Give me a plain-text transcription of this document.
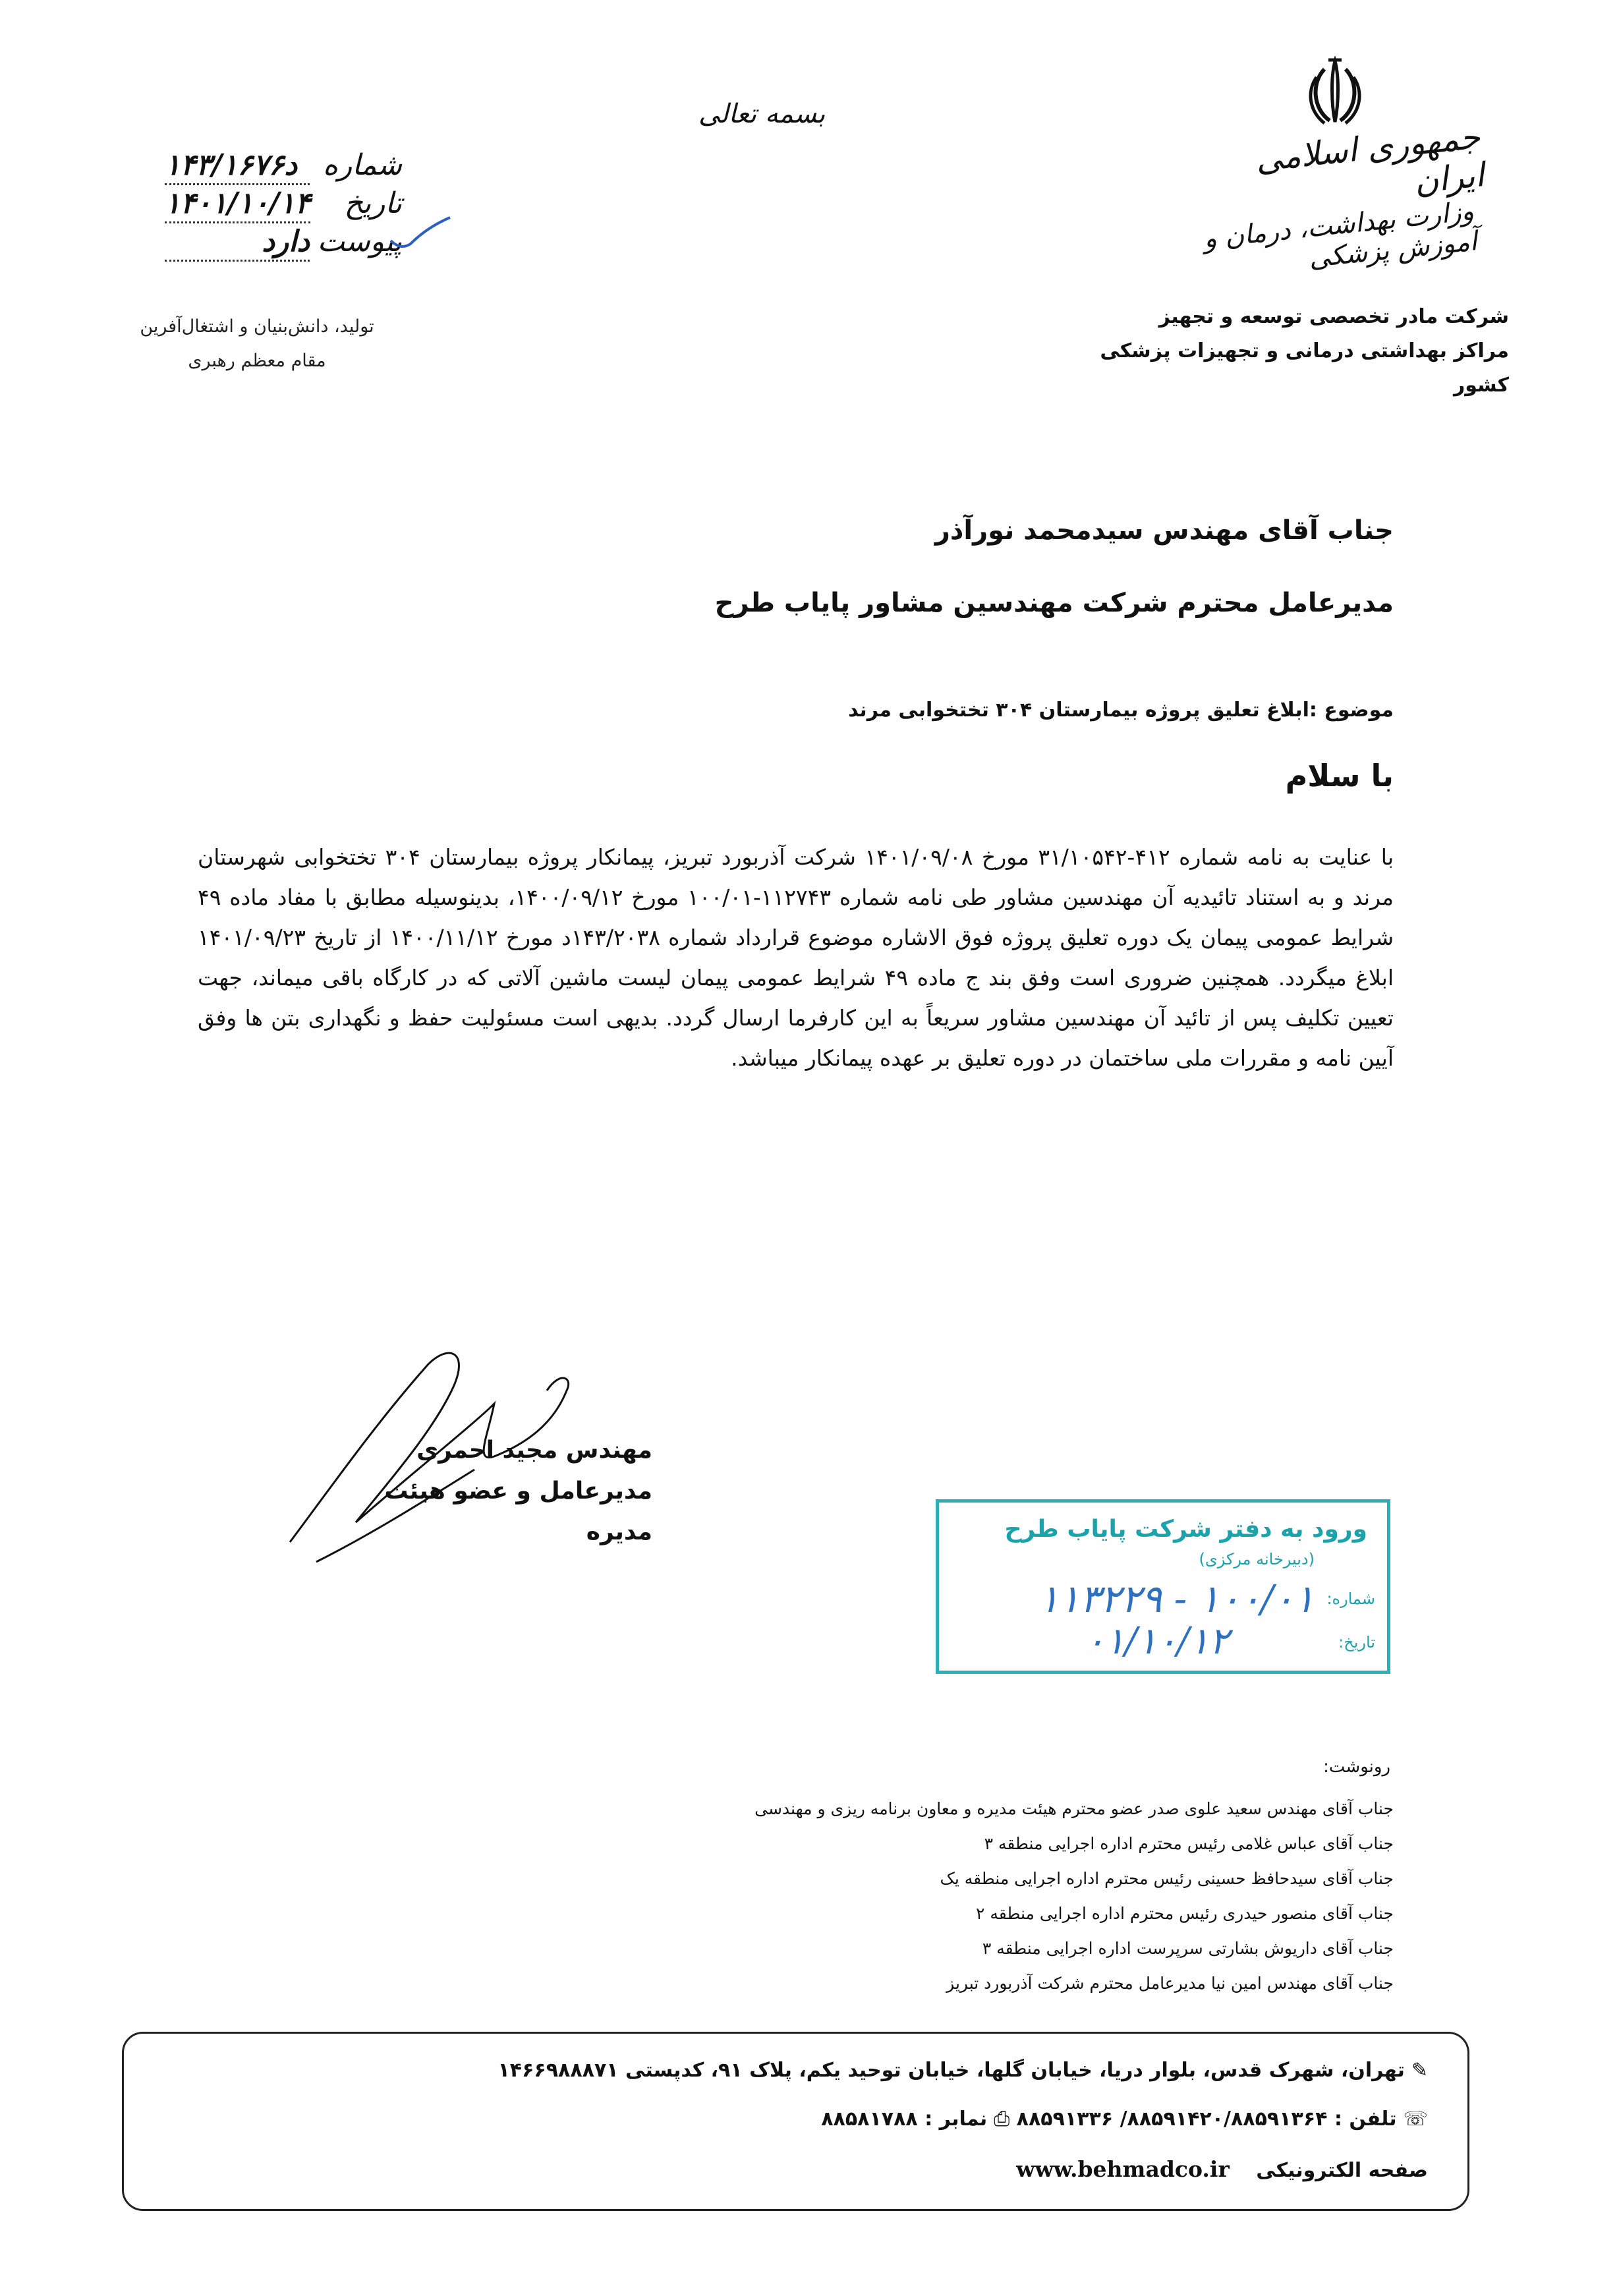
شماره
۱۴۳/۱۶۷۶د
تاریخ
۱۴۰۱/۱۰/۱۴
پیوست
دارد
تولید، دانش‌بنیان و اشتغال‌آفرین
مقام معظم رهبری
بسمه تعالی
جمهوری اسلامی ایران
وزارت بهداشت، درمان و آموزش پزشکی
شرکت مادر تخصصی توسعه و تجهیز
مراکز بهداشتی درمانی و تجهیزات پزشکی کشور
جناب آقای مهندس سیدمحمد نورآذر
مدیرعامل محترم شرکت مهندسین مشاور پایاب طرح
موضوع :ابلاغ تعلیق پروژه بیمارستان ۳۰۴ تختخوابی مرند
با سلام
با عنایت به نامه شماره ۴۱۲-۳۱/۱۰۵۴۲ مورخ ۱۴۰۱/۰۹/۰۸ شرکت آذربورد تبریز، پیمانکار پروژه بیمارستان ۳۰۴ تختخوابی شهرستان مرند و به استناد تائیدیه آن مهندسین مشاور طی نامه شماره ۱۱۲۷۴۳-۱۰۰/۰۱ مورخ ۱۴۰۰/۰۹/۱۲، بدینوسیله مطابق با مفاد ماده ۴۹ شرایط عمومی پیمان یک دوره تعلیق پروژه فوق الاشاره موضوع قرارداد شماره ۱۴۳/۲۰۳۸د مورخ ۱۴۰۰/۱۱/۱۲ از تاریخ ۱۴۰۱/۰۹/۲۳ ابلاغ میگردد. همچنین ضروری است وفق بند ج ماده ۴۹ شرایط عمومی پیمان لیست ماشین آلاتی که در کارگاه باقی میماند، جهت تعیین تکلیف پس از تائید آن مهندسین مشاور سریعاً به این کارفرما ارسال گردد. بدیهی است مسئولیت حفظ و نگهداری بتن ها وفق آیین نامه و مقررات ملی ساختمان در دوره تعلیق بر عهده پیمانکار میباشد.
مهندس مجید احمری
مدیرعامل و عضو هیئت مدیره	ورود به دفتر شرکت پایاب طرح
(دبیرخانه مرکزی)
شماره:
۱۰۰/۰۱ - ۱۱۳۲۲۹
تاریخ:
۰۱/۱۰/۱۲
رونوشت:
جناب آقای مهندس سعید علوی صدر عضو محترم هیئت مدیره و معاون برنامه ریزی و مهندسی
جناب آقای عباس غلامی رئیس محترم اداره اجرایی منطقه ۳
جناب آقای سیدحافظ حسینی رئیس محترم اداره اجرایی منطقه یک
جناب آقای منصور حیدری رئیس محترم اداره اجرایی منطقه ۲
جناب آقای داریوش بشارتی سرپرست اداره اجرایی منطقه ۳
جناب آقای مهندس امین نیا مدیرعامل محترم شرکت آذربورد تبریز
✎تهران، شهرک قدس، بلوار دریا، خیابان گلها، خیابان توحید یکم، پلاک ۹۱، کدپستی ۱۴۶۶۹۸۸۸۷۱
☏تلفن : ۸۸۵۹۱۴۲۰/۸۸۵۹۱۳۶۴/ ۸۸۵۹۱۳۳۶ ⎙نمابر : ۸۸۵۸۱۷۸۸
صفحه الکترونیکی www.behmadco.ir
